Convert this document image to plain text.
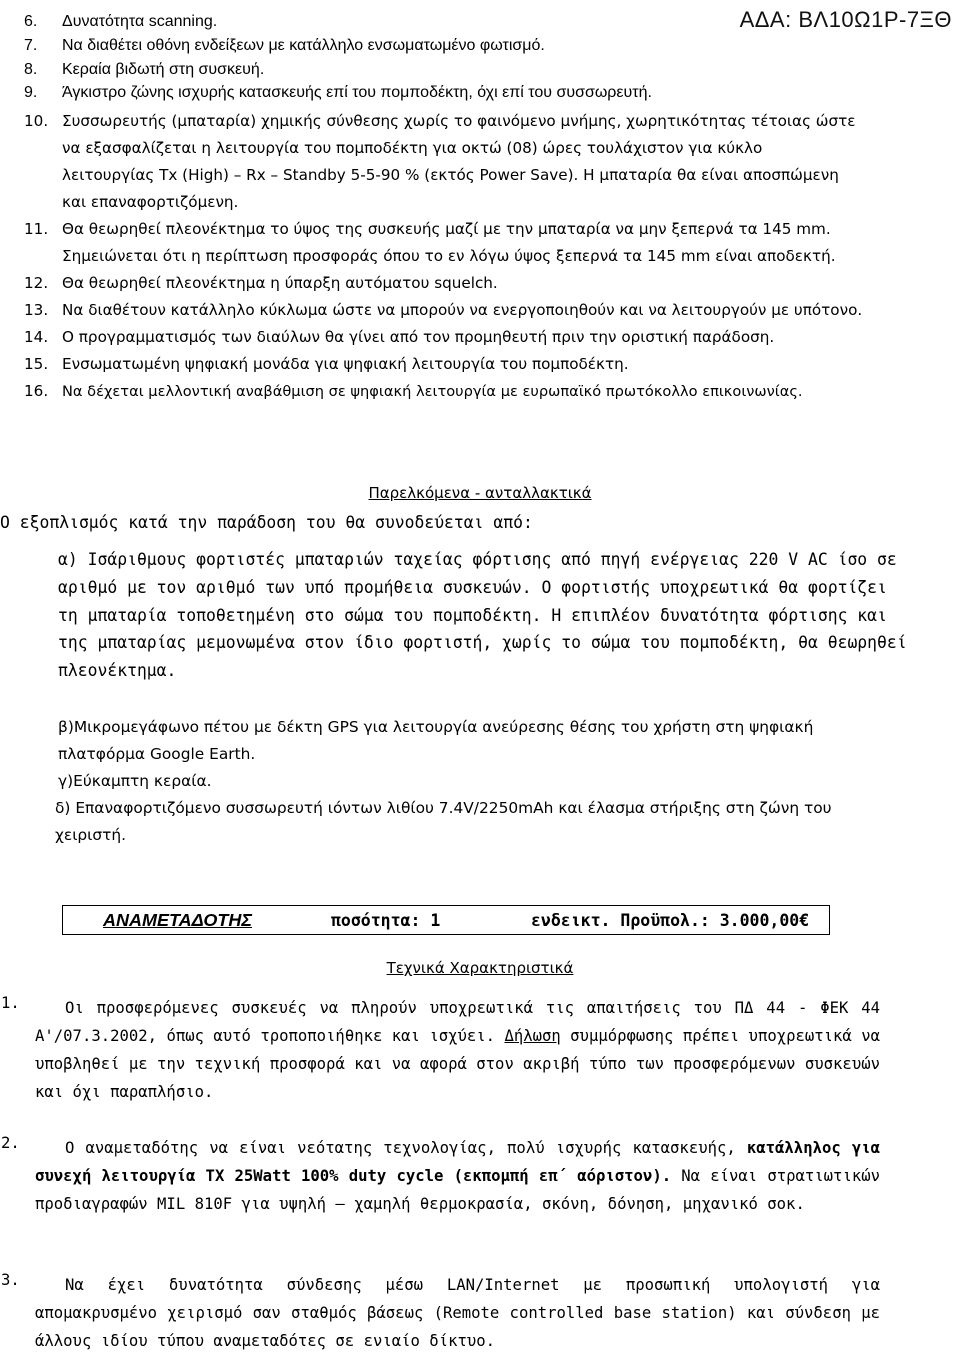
ΑΔΑ: ΒΛ10Ω1Ρ-7ΞΘ
6.	Δυνατότητα scanning.
7.	Να διαθέτει οθόνη ενδείξεων με κατάλληλο ενσωματωμένο φωτισμό.
8.	Κεραία βιδωτή στη συσκευή.
9.	Άγκιστρο ζώνης ισχυρής κατασκευής επί του πομποδέκτη, όχι επί του συσσωρευτή.
10. Συσσωρευτής (μπαταρία) χημικής σύνθεσης χωρίς το φαινόμενο μνήμης, χωρητικότητας τέτοιας ώστε να εξασφαλίζεται η λειτουργία του πομποδέκτη για οκτώ (08) ώρες τουλάχιστον για κύκλο λειτουργίας Tx (High) – Rx – Standby 5-5-90 % (εκτός Power Save). Η μπαταρία θα είναι αποσπώμενη και επαναφορτιζόμενη.
11. Θα θεωρηθεί πλεονέκτημα το ύψος της συσκευής μαζί με την μπαταρία να μην ξεπερνά τα 145 mm. Σημειώνεται ότι η περίπτωση προσφοράς όπου το εν λόγω ύψος ξεπερνά τα 145 mm είναι αποδεκτή.
12. Θα θεωρηθεί πλεονέκτημα η ύπαρξη αυτόματου squelch.
13. Να διαθέτουν κατάλληλο κύκλωμα ώστε να μπορούν να ενεργοποιηθούν και να λειτουργούν με υπότονο.
14. Ο προγραμματισμός των διαύλων θα γίνει από τον προμηθευτή πριν την οριστική παράδοση.
15. Ενσωματωμένη ψηφιακή μονάδα για ψηφιακή λειτουργία του πομποδέκτη.
16. Να δέχεται μελλοντική αναβάθμιση σε ψηφιακή λειτουργία με ευρωπαϊκό πρωτόκολλο επικοινωνίας.
Παρελκόμενα - ανταλλακτικά
Ο εξοπλισμός κατά την παράδοση του θα συνοδεύεται από:
α) Ισάριθμους φορτιστές μπαταριών ταχείας φόρτισης από πηγή ενέργειας 220 V AC ίσο σε αριθμό με τον αριθμό των υπό προμήθεια συσκευών. Ο φορτιστής υποχρεωτικά θα φορτίζει τη μπαταρία τοποθετημένη στο σώμα του πομποδέκτη. Η επιπλέον δυνατότητα φόρτισης και της μπαταρίας μεμονωμένα στον ίδιο φορτιστή, χωρίς το σώμα του πομποδέκτη, θα θεωρηθεί πλεονέκτημα.
β)Μικρομεγάφωνο πέτου με δέκτη GPS για λειτουργία ανεύρεσης θέσης του χρήστη στη ψηφιακή πλατφόρμα Google Earth.
γ)Εύκαμπτη κεραία.
δ) Επαναφορτιζόμενο συσσωρευτή ιόντων λιθίου 7.4V/2250mAh και έλασμα στήριξης στη ζώνη του χειριστή.
ΑΝΑΜΕΤΑΔΟΤΗΣ	ποσότητα: 1	ενδεικτ. Προϋπολ.: 3.000,00€
Τεχνικά Χαρακτηριστικά
1.	Οι προσφερόμενες συσκευές να πληρούν υποχρεωτικά τις απαιτήσεις του ΠΔ 44 - ΦΕΚ 44 Α'/07.3.2002, όπως αυτό τροποποιήθηκε και ισχύει. Δήλωση συμμόρφωσης πρέπει υποχρεωτικά να υποβληθεί με την τεχνική προσφορά και να αφορά στον ακριβή τύπο των προσφερόμενων συσκευών και όχι παραπλήσιο.
2.	Ο αναμεταδότης να είναι νεότατης τεχνολογίας, πολύ ισχυρής κατασκευής, κατάλληλος για συνεχή λειτουργία TX 25Watt 100% duty cycle (εκπομπή επ΄ αόριστον). Να είναι στρατιωτικών προδιαγραφών MIL 810F για υψηλή – χαμηλή θερμοκρασία, σκόνη, δόνηση, μηχανικό σοκ.
3.	Να έχει δυνατότητα σύνδεσης μέσω LAN/Internet με προσωπική υπολογιστή για απομακρυσμένο χειρισμό σαν σταθμός βάσεως (Remote controlled base station) και σύνδεση με άλλους ιδίου τύπου αναμεταδότες σε ενιαίο δίκτυο.
